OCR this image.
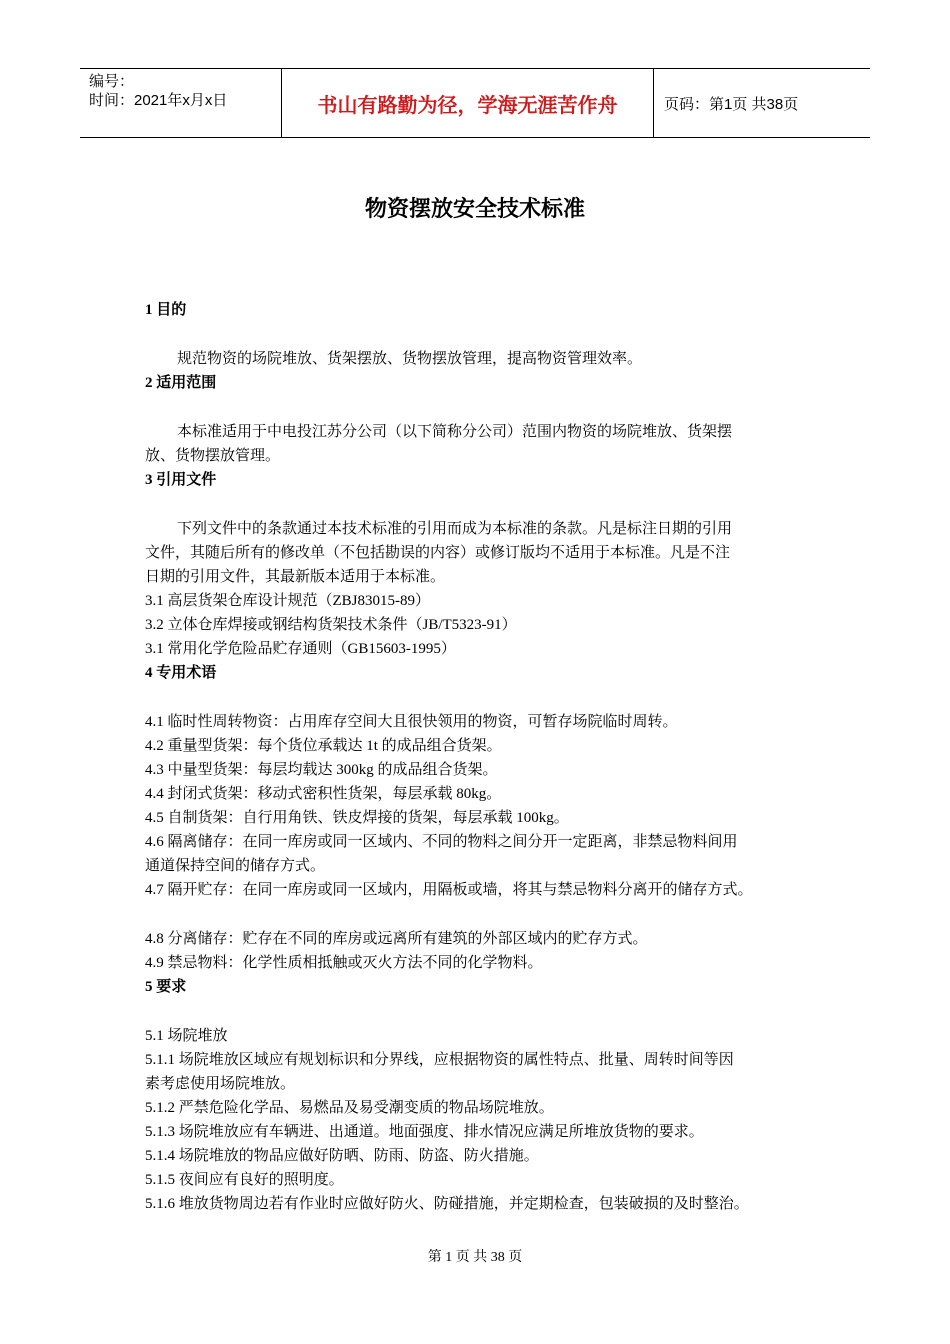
编号：
时间：2021年x月x日	书山有路勤为径，学海无涯苦作舟	页码：第1页 共38页
物资摆放安全技术标准
1 目的
规范物资的场院堆放、货架摆放、货物摆放管理，提高物资管理效率。
2 适用范围
本标准适用于中电投江苏分公司（以下简称分公司）范围内物资的场院堆放、货架摆
放、货物摆放管理。
3 引用文件
下列文件中的条款通过本技术标准的引用而成为本标准的条款。凡是标注日期的引用
文件，其随后所有的修改单（不包括勘误的内容）或修订版均不适用于本标准。凡是不注
日期的引用文件，其最新版本适用于本标准。
3.1 高层货架仓库设计规范（ZBJ83015-89）
3.2 立体仓库焊接或钢结构货架技术条件（JB/T5323-91）
3.1 常用化学危险品贮存通则（GB15603-1995）
4 专用术语
4.1 临时性周转物资：占用库存空间大且很快领用的物资，可暂存场院临时周转。
4.2 重量型货架：每个货位承载达 1t 的成品组合货架。
4.3 中量型货架：每层均载达 300kg 的成品组合货架。
4.4 封闭式货架：移动式密积性货架，每层承载 80kg。
4.5 自制货架：自行用角铁、铁皮焊接的货架，每层承载 100kg。
4.6 隔离储存：在同一库房或同一区域内、不同的物料之间分开一定距离，非禁忌物料间用
通道保持空间的储存方式。
4.7 隔开贮存：在同一库房或同一区域内，用隔板或墙，将其与禁忌物料分离开的储存方式。
4.8 分离储存：贮存在不同的库房或远离所有建筑的外部区域内的贮存方式。
4.9 禁忌物料：化学性质相抵触或灭火方法不同的化学物料。
5 要求
5.1 场院堆放
5.1.1 场院堆放区域应有规划标识和分界线，应根据物资的属性特点、批量、周转时间等因
素考虑使用场院堆放。
5.1.2 严禁危险化学品、易燃品及易受潮变质的物品场院堆放。
5.1.3 场院堆放应有车辆进、出通道。地面强度、排水情况应满足所堆放货物的要求。
5.1.4 场院堆放的物品应做好防晒、防雨、防盗、防火措施。
5.1.5 夜间应有良好的照明度。
5.1.6 堆放货物周边若有作业时应做好防火、防碰措施，并定期检查，包装破损的及时整治。
第 1 页 共 38 页
